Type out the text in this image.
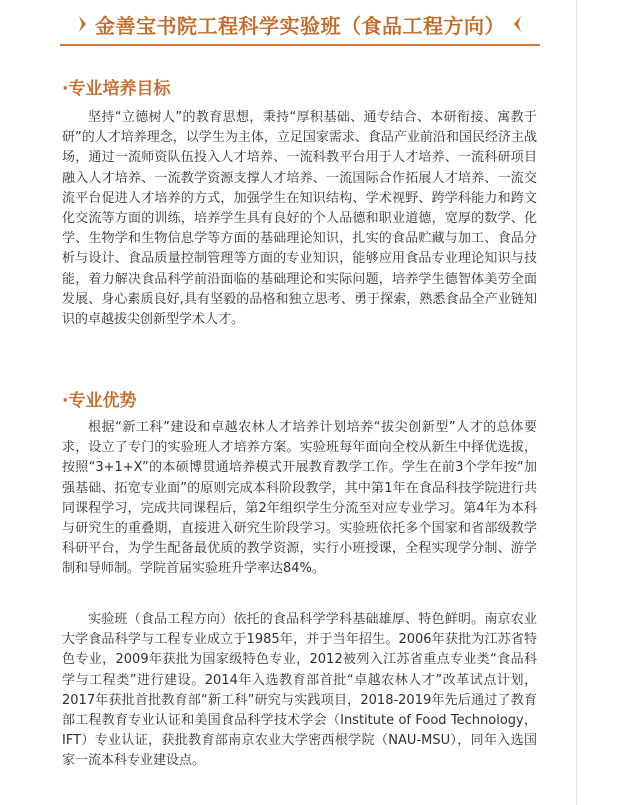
金善宝书院工程科学实验班（食品工程方向）
·专业培养目标

坚持“立德树人”的教育思想，秉持“厚积基础、通专结合、本研衔接、寓教于研”的人才培养理念，以学生为主体，立足国家需求、食品产业前沿和国民经济主战场，通过一流师资队伍投入人才培养、一流科教平台用于人才培养、一流科研项目融入人才培养、一流教学资源支撑人才培养、一流国际合作拓展人才培养、一流交流平台促进人才培养的方式，加强学生在知识结构、学术视野、跨学科能力和跨文化交流等方面的训练，培养学生具有良好的个人品德和职业道德，宽厚的数学、化学、生物学和生物信息学等方面的基础理论知识，扎实的食品贮藏与加工、食品分析与设计、食品质量控制管理等方面的专业知识，能够应用食品专业理论知识与技能，着力解决食品科学前沿面临的基础理论和实际问题，培养学生德智体美劳全面发展、身心素质良好,具有坚毅的品格和独立思考、勇于探索，熟悉食品全产业链知识的卓越拔尖创新型学术人才。

·专业优势

根据“新工科”建设和卓越农林人才培养计划培养“拔尖创新型”人才的总体要求，设立了专门的实验班人才培养方案。实验班每年面向全校从新生中择优选拔，按照“3+1+X”的本硕博贯通培养模式开展教育教学工作。学生在前3个学年按“加强基础、拓宽专业面”的原则完成本科阶段教学，其中第1年在食品科技学院进行共同课程学习，完成共同课程后，第2年组织学生分流至对应专业学习。第4年为本科与研究生的重叠期，直接进入研究生阶段学习。实验班依托多个国家和省部级教学科研平台，为学生配备最优质的教学资源，实行小班授课，全程实现学分制、游学制和导师制。学院首届实验班升学率达84%。

实验班（食品工程方向）依托的食品科学学科基础雄厚、特色鲜明。南京农业大学食品科学与工程专业成立于1985年，并于当年招生。2006年获批为江苏省特色专业，2009年获批为国家级特色专业，2012被列入江苏省重点专业类“食品科学与工程类”进行建设。2014年入选教育部首批“卓越农林人才”改革试点计划，2017年获批首批教育部“新工科”研究与实践项目，2018-2019年先后通过了教育部工程教育专业认证和美国食品科学技术学会（Institute of Food Technology，IFT）专业认证，获批教育部南京农业大学密西根学院（NAU-MSU），同年入选国家一流本科专业建设点。
